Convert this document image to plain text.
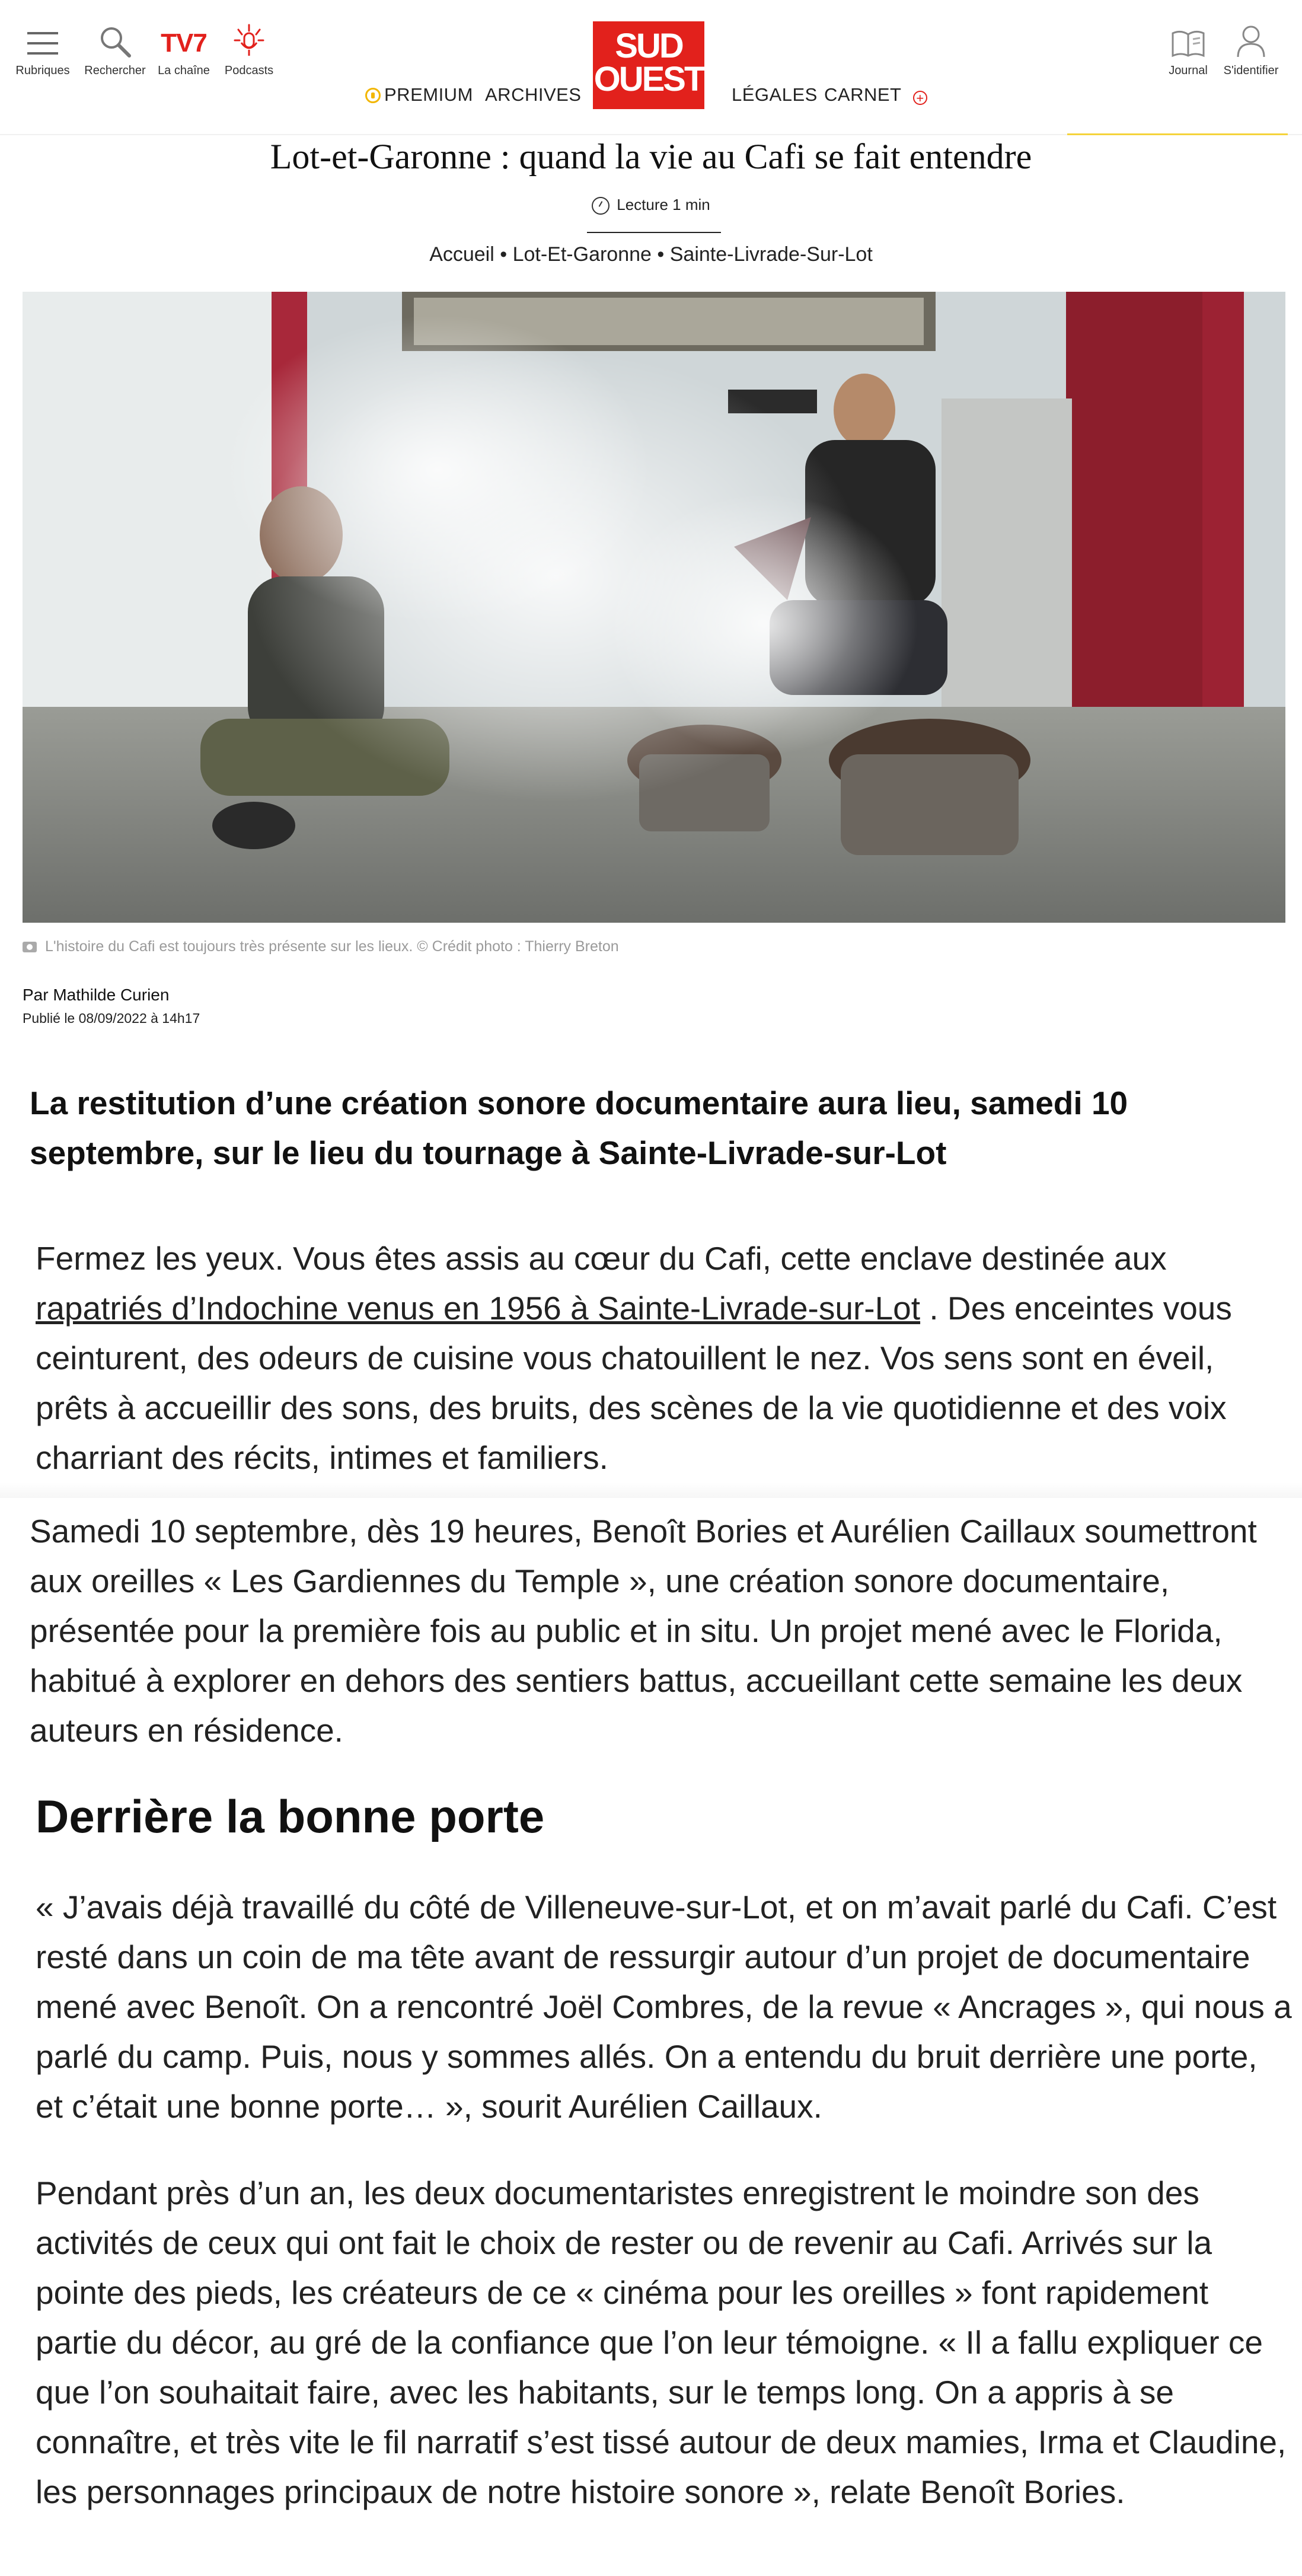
Rubriques	Rechercher
TV7
La chaîne	Podcasts
SUD
OUEST
PREMIUM ARCHIVES	LÉGALES CARNET +
Journal	S'identifier
Lot-et-Garonne : quand la vie au Cafi se fait entendre
Lecture 1 min
Accueil • Lot-Et-Garonne • Sainte-Livrade-Sur-Lot
L'histoire du Cafi est toujours très présente sur les lieux. © Crédit photo : Thierry Breton
Par Mathilde Curien
Publié le 08/09/2022 à 14h17

La restitution d’une création sonore documentaire aura lieu, samedi 10 septembre, sur le lieu du tournage à Sainte-Livrade-sur-Lot

Fermez les yeux. Vous êtes assis au cœur du Cafi, cette enclave destinée aux rapatriés d’Indochine venus en 1956 à Sainte-Livrade-sur-Lot . Des enceintes vous ceinturent, des odeurs de cuisine vous chatouillent le nez. Vos sens sont en éveil, prêts à accueillir des sons, des bruits, des scènes de la vie quotidienne et des voix charriant des récits, intimes et familiers.

Samedi 10 septembre, dès 19 heures, Benoît Bories et Aurélien Caillaux soumettront aux oreilles « Les Gardiennes du Temple », une création sonore documentaire, présentée pour la première fois au public et in situ. Un projet mené avec le Florida, habitué à explorer en dehors des sentiers battus, accueillant cette semaine les deux auteurs en résidence.

Derrière la bonne porte

« J’avais déjà travaillé du côté de Villeneuve-sur-Lot, et on m’avait parlé du Cafi. C’est resté dans un coin de ma tête avant de ressurgir autour d’un projet de documentaire mené avec Benoît. On a rencontré Joël Combres, de la revue « Ancrages », qui nous a parlé du camp. Puis, nous y sommes allés. On a entendu du bruit derrière une porte, et c’était une bonne porte… », sourit Aurélien Caillaux.

Pendant près d’un an, les deux documentaristes enregistrent le moindre son des activités de ceux qui ont fait le choix de rester ou de revenir au Cafi. Arrivés sur la pointe des pieds, les créateurs de ce « cinéma pour les oreilles » font rapidement partie du décor, au gré de la confiance que l’on leur témoigne. « Il a fallu expliquer ce que l’on souhaitait faire, avec les habitants, sur le temps long. On a appris à se connaître, et très vite le fil narratif s’est tissé autour de deux mamies, Irma et Claudine, les personnages principaux de notre histoire sonore », relate Benoît Bories.
